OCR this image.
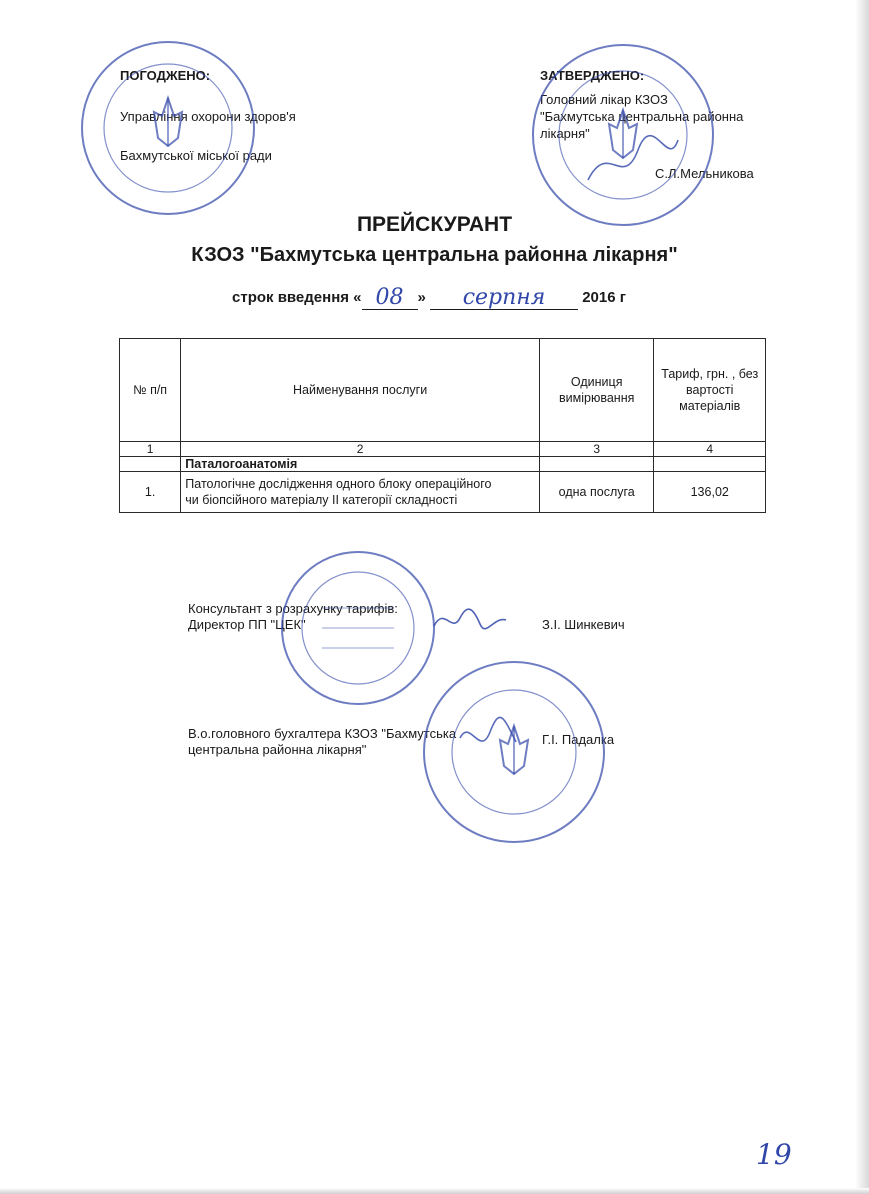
ПОГОДЖЕНО:
Управління охорони здоров'я
Бахмутської міської ради
ЗАТВЕРДЖЕНО:
Головний лікар КЗОЗ
"Бахмутська центральна районна
лікарня"
С.Л.Мельникова
ПРЕЙСКУРАНТ
КЗОЗ "Бахмутська центральна районна лікарня"
строк введення « 08 » серпня 2016 г
№ п/п	Найменування послуги	Одиниця вимірювання	Тариф, грн. , без вартості матеріалів
1	2	3	4
	Паталогоанатомія		
1.	Патологічне дослідження одного блоку операційного
чи біопсійного матеріалу ІІ категорії складності	одна послуга	136,02
Консультант з розрахунку тарифів:
Директор ПП "ЦЕК"	З.І. Шинкевич
В.о.головного бухгалтера КЗОЗ "Бахмутська
центральна районна лікарня"
Г.І. Падалка
19
